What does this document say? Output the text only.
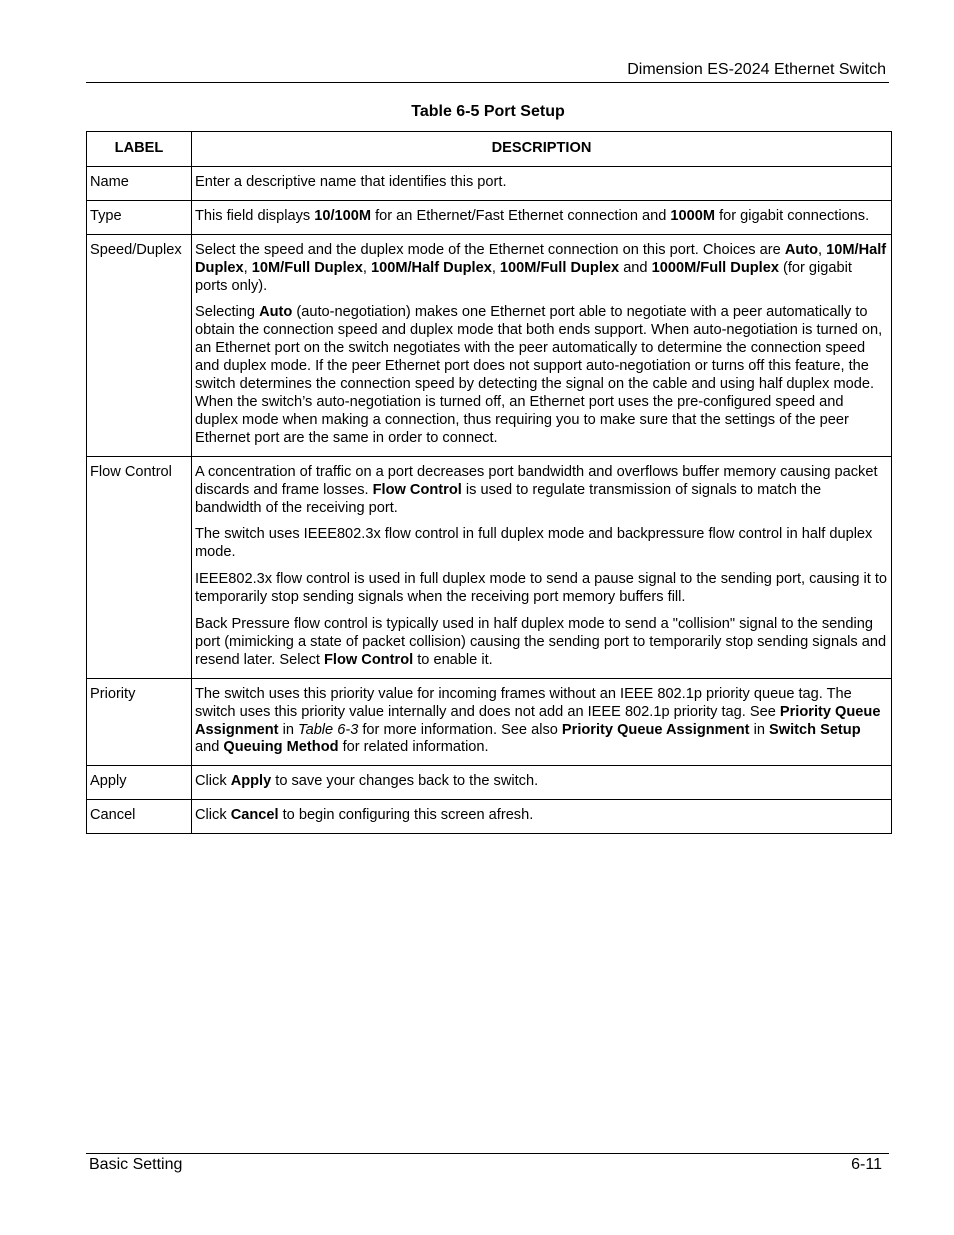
Dimension ES-2024 Ethernet Switch
Table 6-5 Port Setup
LABEL	DESCRIPTION
Name	Enter a descriptive name that identifies this port.

Type	This field displays 10/100M for an Ethernet/Fast Ethernet connection and 1000M for gigabit connections.

Speed/Duplex	Select the speed and the duplex mode of the Ethernet connection on this port. Choices are Auto, 10M/Half Duplex, 10M/Full Duplex, 100M/Half Duplex, 100M/Full Duplex and 1000M/Full Duplex (for gigabit ports only).

Selecting Auto (auto-negotiation) makes one Ethernet port able to negotiate with a peer automatically to obtain the connection speed and duplex mode that both ends support. When auto-negotiation is turned on, an Ethernet port on the switch negotiates with the peer automatically to determine the connection speed and duplex mode. If the peer Ethernet port does not support auto-negotiation or turns off this feature, the switch determines the connection speed by detecting the signal on the cable and using half duplex mode. When the switch’s auto-negotiation is turned off, an Ethernet port uses the pre-configured speed and duplex mode when making a connection, thus requiring you to make sure that the settings of the peer Ethernet port are the same in order to connect.

Flow Control	A concentration of traffic on a port decreases port bandwidth and overflows buffer memory causing packet discards and frame losses. Flow Control is used to regulate transmission of signals to match the bandwidth of the receiving port.

The switch uses IEEE802.3x flow control in full duplex mode and backpressure flow control in half duplex mode.

IEEE802.3x flow control is used in full duplex mode to send a pause signal to the sending port, causing it to temporarily stop sending signals when the receiving port memory buffers fill.

Back Pressure flow control is typically used in half duplex mode to send a "collision" signal to the sending port (mimicking a state of packet collision) causing the sending port to temporarily stop sending signals and resend later. Select Flow Control to enable it.

Priority	The switch uses this priority value for incoming frames without an IEEE 802.1p priority queue tag. The switch uses this priority value internally and does not add an IEEE 802.1p priority tag. See Priority Queue Assignment in Table 6-3 for more information. See also Priority Queue Assignment in Switch Setup and Queuing Method for related information.

Apply	Click Apply to save your changes back to the switch.

Cancel	Click Cancel to begin configuring this screen afresh.

Basic Setting	6-11
